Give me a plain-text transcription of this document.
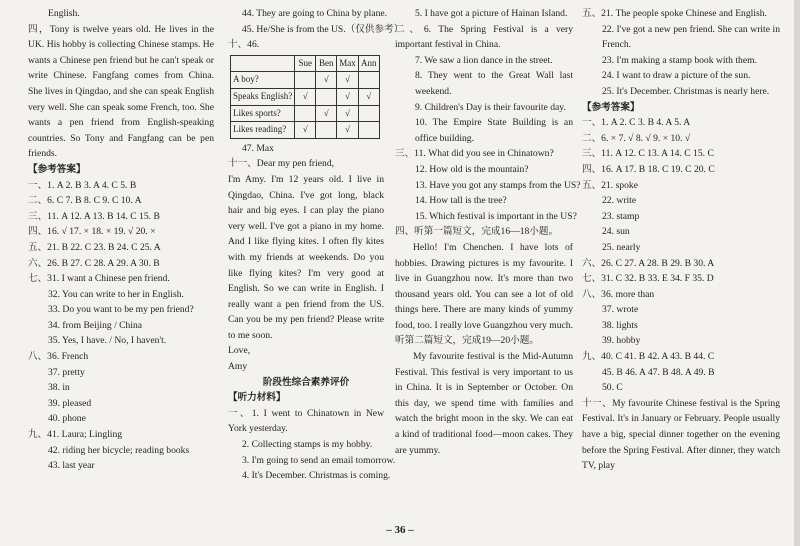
English.

四，Tony is twelve years old. He lives in the UK. His hobby is collecting Chinese stamps. He wants a Chinese pen friend but he can't speak or write Chinese. Fangfang comes from China. She lives in Qingdao, and she can speak English very well. She can speak some French, too. She wants a pen friend from English-speaking countries. So Tony and Fangfang can be pen friends.

【参考答案】

一、1. A 2. B 3. A 4. C 5. B

二、6. C 7. B 8. C 9. C 10. A

三、11. A 12. A 13. B 14. C 15. B

四、16. √ 17. × 18. × 19. √ 20. ×

五、21. B 22. C 23. B 24. C 25. A

六、26. B 27. C 28. A 29. A 30. B

七、31. I want a Chinese pen friend.

32. You can write to her in English.

33. Do you want to be my pen friend?

34. from Beijing / China

35. Yes, I have. / No, I haven't.

八、36. French

37. pretty

38. in

39. pleased

40. phone

九、41. Laura; Lingling

42. riding her bicycle; reading books

43. last year

44. They are going to China by plane.

45. He/She is from the US.（仅供参考）

十、46.

	Sue	Ben	Max	Ann
A boy?		√	√	
Speaks English?	√		√	√
Likes sports?		√	√	
Likes reading?	√		√	

47. Max

十一、Dear my pen friend,

I'm Amy. I'm 12 years old. I live in Qingdao, China. I've got long, black hair and big eyes. I can play the piano very well. I've got a piano in my home. And I like flying kites. I often fly kites with my friends at weekends. Do you like flying kites? I'm very good at English. So we can write in English. I really want a pen friend from the US. Can you be my pen friend? Please write to me soon.

Love,

Amy

阶段性综合素养评价

【听力材料】

一、1. I went to Chinatown in New York yesterday.

2. Collecting stamps is my hobby.

3. I'm going to send an email tomorrow.

4. It's December. Christmas is coming.

5. I have got a picture of Hainan Island.

二、6. The Spring Festival is a very important festival in China.

7. We saw a lion dance in the street.

8. They went to the Great Wall last weekend.

9. Children's Day is their favourite day.

10. The Empire State Building is an office building.

三、11. What did you see in Chinatown?

12. How old is the mountain?

13. Have you got any stamps from the US?

14. How tall is the tree?

15. Which festival is important in the US?

四、听第一篇短文，完成16—18小题。

Hello! I'm Chenchen. I have lots of hobbies. Drawing pictures is my favourite. I live in Guangzhou now. It's more than two thousand years old. You can see a lot of old things here. There are many kinds of yummy food, too. I really love Guangzhou very much.

听第二篇短文，完成19—20小题。

My favourite festival is the Mid-Autumn Festival. This festival is very important to us in China. It is in September or October. On this day, we spend time with families and watch the bright moon in the sky. We can eat a kind of traditional food—moon cakes. They are yummy.

五、21. The people spoke Chinese and English.

22. I've got a new pen friend. She can write in French.

23. I'm making a stamp book with them.

24. I want to draw a picture of the sun.

25. It's December. Christmas is nearly here.

【参考答案】

一、1. A 2. C 3. B 4. A 5. A

二、6. × 7. √ 8. √ 9. × 10. √

三、11. A 12. C 13. A 14. C 15. C

四、16. A 17. B 18. C 19. C 20. C

五、21. spoke

22. write

23. stamp

24. sun

25. nearly

六、26. C 27. A 28. B 29. B 30. A

七、31. C 32. B 33. E 34. F 35. D

八、36. more than

37. wrote

38. lights

39. hobby

九、40. C 41. B 42. A 43. B 44. C

45. B 46. A 47. B 48. A 49. B

50. C

十一、My favourite Chinese festival is the Spring Festival. It's in January or February. People usually have a big, special dinner together on the evening before the Spring Festival. After dinner, they watch TV, play

– 36 –
